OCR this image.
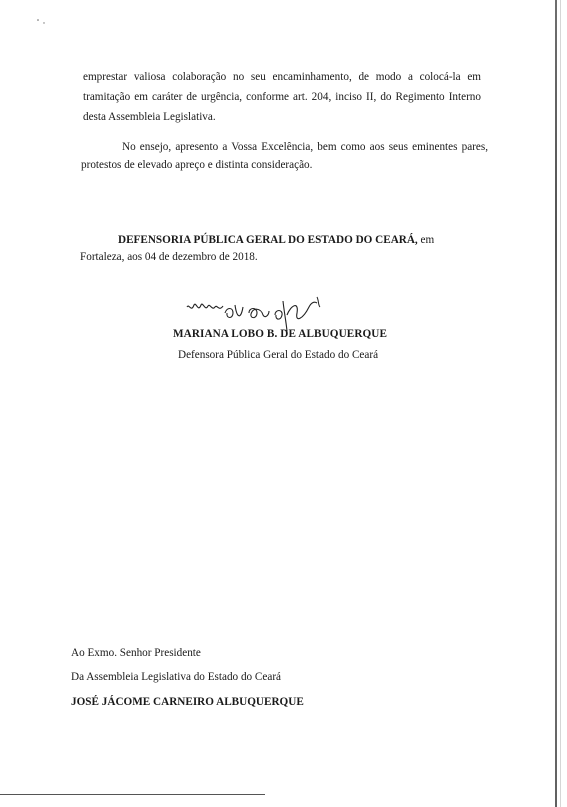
emprestar valiosa colaboração no seu encaminhamento, de modo a colocá-la em
tramitação em caráter de urgência, conforme art. 204, inciso II, do Regimento Interno
desta Assembleia Legislativa.
No ensejo, apresento a Vossa Excelência, bem como aos seus eminentes pares,
protestos de elevado apreço e distinta consideração.
DEFENSORIA PÚBLICA GERAL DO ESTADO DO CEARÁ, em
Fortaleza, aos 04 de dezembro de 2018.
MARIANA LOBO B. DE ALBUQUERQUE
Defensora Pública Geral do Estado do Ceará
Ao Exmo. Senhor Presidente
Da Assembleia Legislativa do Estado do Ceará
JOSÉ JÁCOME CARNEIRO ALBUQUERQUE
